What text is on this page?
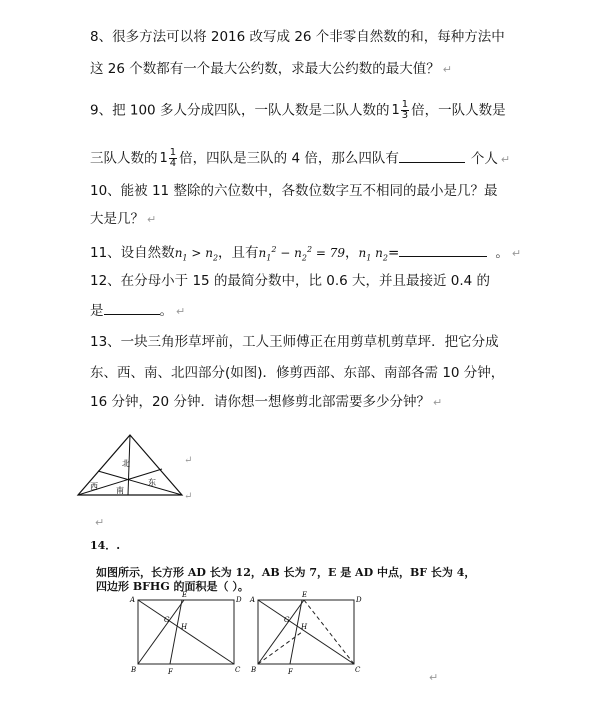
8、很多方法可以将 2016 改写成 26 个非零自然数的和，每种方法中
这 26 个数都有一个最大公约数，求最大公约数的最大值？ ↵
9、把 100 多人分成四队，一队人数是二队人数的 $1 \frac{1}{3}$ 倍，一队人数是
三队人数的 $1 \frac{1}{4}$ 倍，四队是三队的 4 倍，那么四队有	个人 ↵
10、能被 11 整除的六位数中，各数位数字互不相同的最小是几？最
大是几？ ↵
11、设自然数$n_1 > n_2$，且有$n_1^2 - n_2^2 = 79$，$n_1$ $n_2=$	。 ↵
12、在分母小于 15 的最简分数中，比 0.6 大，并且最接近 0.4 的
是	。 ↵
13、一块三角形草坪前，工人王师傅正在用剪草机剪草坪．把它分成
东、西、南、北四部分(如图)．修剪西部、东部、南部各需 10 分钟，
16 分钟，20 分钟．请你想一想修剪北部需要多少分钟？ ↵
北
西 南
东
↵
↵
↵
14．.
如图所示，长方形 AD 长为 12，AB 长为 7，E 是 AD 中点，BF 长为 4，
四边形 BFHG 的面积是（ ）。
A
E
D
G
H
B	F	C
A
E
D
G
H
B	F	C
↵
